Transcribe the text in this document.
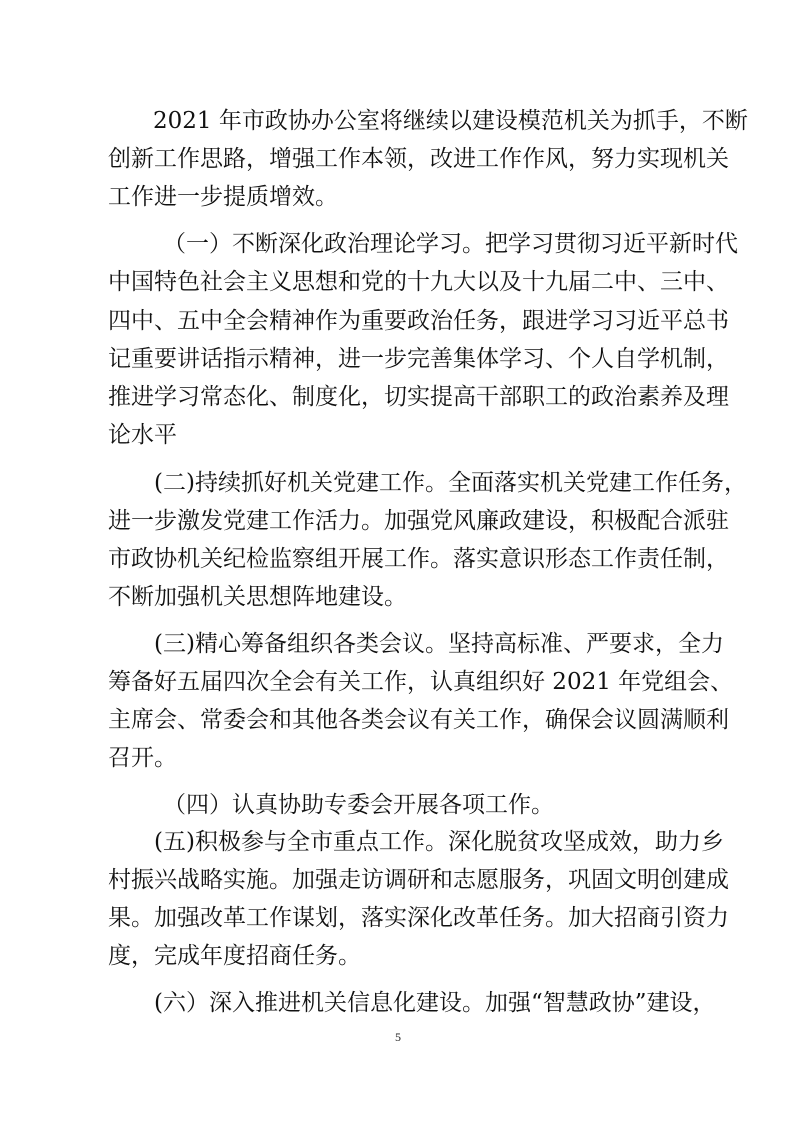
2021 年市政协办公室将继续以建设模范机关为抓手，不断
创新工作思路，增强工作本领，改进工作作风，努力实现机关
工作进一步提质增效。
（一）不断深化政治理论学习。把学习贯彻习近平新时代
中国特色社会主义思想和党的十九大以及十九届二中、三中、
四中、五中全会精神作为重要政治任务，跟进学习习近平总书
记重要讲话指示精神，进一步完善集体学习、个人自学机制，
推进学习常态化、制度化，切实提高干部职工的政治素养及理
论水平
(二)持续抓好机关党建工作。全面落实机关党建工作任务，
进一步激发党建工作活力。加强党风廉政建设，积极配合派驻
市政协机关纪检监察组开展工作。落实意识形态工作责任制，
不断加强机关思想阵地建设。
(三)精心筹备组织各类会议。坚持高标准、严要求，全力
筹备好五届四次全会有关工作，认真组织好 2021 年党组会、
主席会、常委会和其他各类会议有关工作，确保会议圆满顺利
召开。
（四）认真协助专委会开展各项工作。
(五)积极参与全市重点工作。深化脱贫攻坚成效，助力乡
村振兴战略实施。加强走访调研和志愿服务，巩固文明创建成
果。加强改革工作谋划，落实深化改革任务。加大招商引资力
度，完成年度招商任务。
(六）深入推进机关信息化建设。加强“智慧政协”建设，
5
